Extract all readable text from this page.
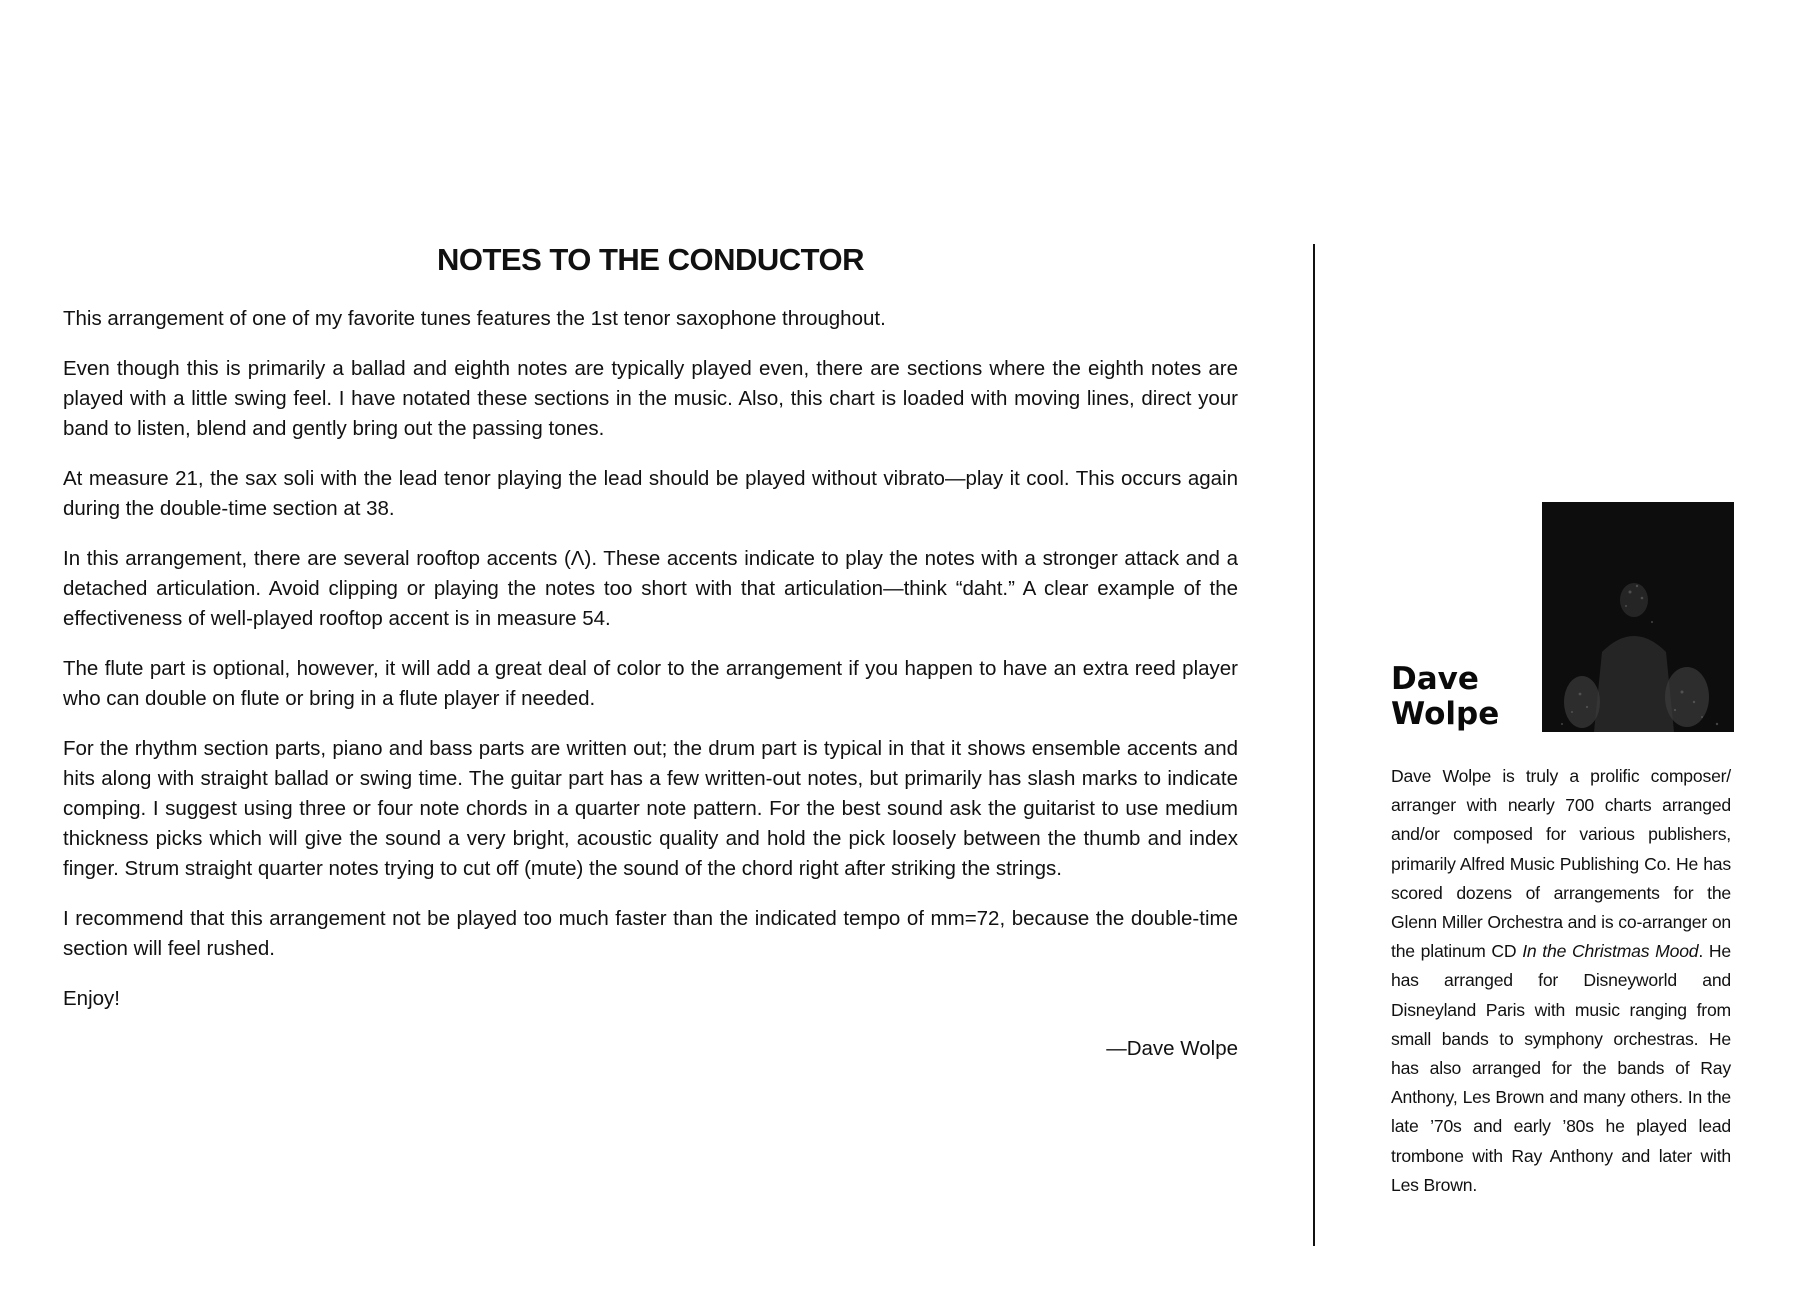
NOTES TO THE CONDUCTOR

This arrangement of one of my favorite tunes features the 1st tenor saxophone throughout.

Even though this is primarily a ballad and eighth notes are typically played even, there are sections where the eighth notes are played with a little swing feel. I have notated these sections in the music. Also, this chart is loaded with moving lines, direct your band to listen, blend and gently bring out the passing tones.

At measure 21, the sax soli with the lead tenor playing the lead should be played without vibrato—play it cool. This occurs again during the double-time section at 38.

In this arrangement, there are several rooftop accents (Λ). These accents indicate to play the notes with a stronger attack and a detached articulation. Avoid clipping or playing the notes too short with that articulation—think “daht.” A clear example of the effectiveness of well-played rooftop accent is in measure 54.

The flute part is optional, however, it will add a great deal of color to the arrangement if you happen to have an extra reed player who can double on flute or bring in a flute player if needed.

For the rhythm section parts, piano and bass parts are written out; the drum part is typical in that it shows ensemble accents and hits along with straight ballad or swing time. The guitar part has a few written-out notes, but primarily has slash marks to indicate comping. I suggest using three or four note chords in a quarter note pattern. For the best sound ask the guitarist to use medium thickness picks which will give the sound a very bright, acoustic quality and hold the pick loosely between the thumb and index finger. Strum straight quarter notes trying to cut off (mute) the sound of the chord right after striking the strings.

I recommend that this arrangement not be played too much faster than the indicated tempo of mm=72, because the double-time section will feel rushed.

Enjoy!

—Dave Wolpe

Dave
Wolpe

Dave Wolpe is truly a prolific composer/ arranger with nearly 700 charts arranged and/or composed for various publishers, primarily Alfred Music Publishing Co. He has scored dozens of arrangements for the Glenn Miller Orchestra and is co-arranger on the platinum CD In the Christmas Mood. He has arranged for Disneyworld and Disneyland Paris with music ranging from small bands to symphony orchestras. He has also arranged for the bands of Ray Anthony, Les Brown and many others. In the late ’70s and early ’80s he played lead trombone with Ray Anthony and later with Les Brown.
